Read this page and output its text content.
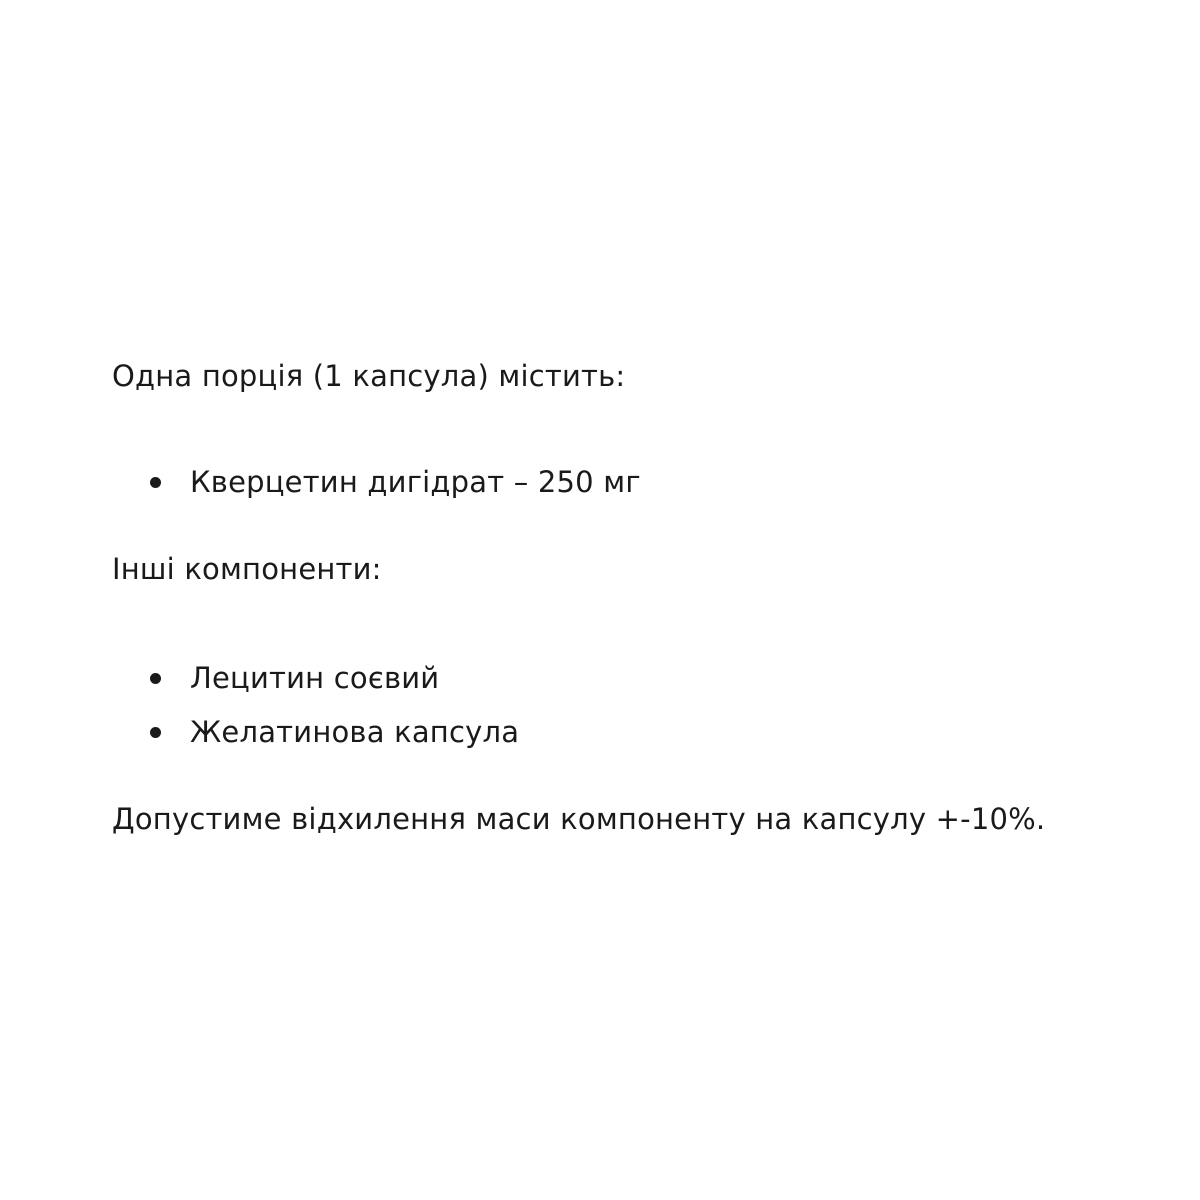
Одна порція (1 капсула) містить:
Кверцетин дигідрат – 250 мг
Інші компоненти:
Лецитин соєвий
Желатинова капсула
Допустиме відхилення маси компоненту на капсулу +-10%.
